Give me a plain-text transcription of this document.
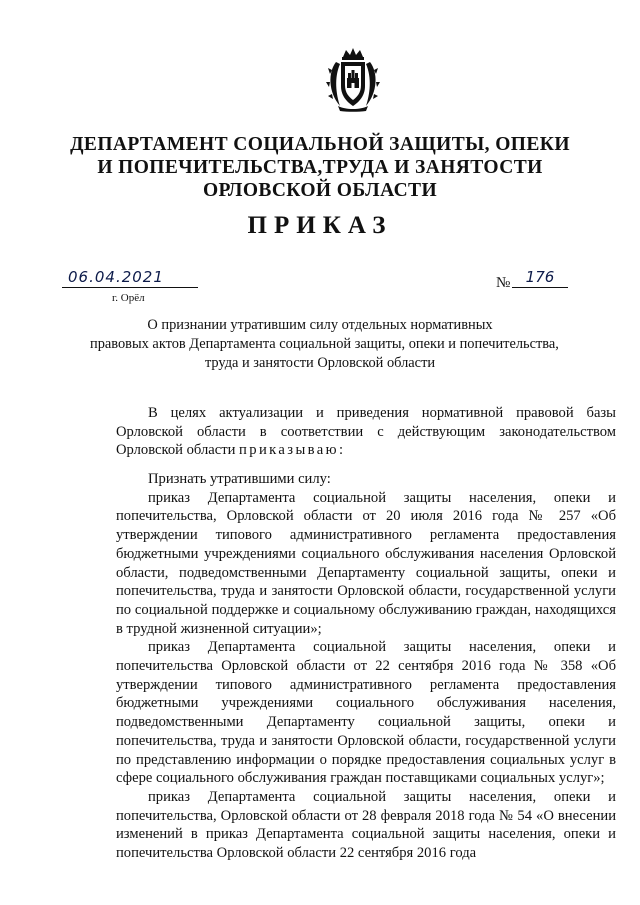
ДЕПАРТАМЕНТ СОЦИАЛЬНОЙ ЗАЩИТЫ, ОПЕКИ
И ПОПЕЧИТЕЛЬСТВА,ТРУДА И ЗАНЯТОСТИ
ОРЛОВСКОЙ ОБЛАСТИ
ПРИКАЗ
06.04.2021
г. Орёл
№	176
О признании утратившим силу отдельных нормативных
правовых актов Департамента социальной защиты, опеки и попечительства,
труда и занятости Орловской области

В целях актуализации и приведения нормативной правовой базы Орловской области в соответствии с действующим законодательством Орловской области приказываю:

Признать утратившими силу:

приказ Департамента социальной защиты населения, опеки и попечительства, Орловской области от 20 июля 2016 года № 257 «Об утверждении типового административного регламента предоставления бюджетными учреждениями социального обслуживания населения Орловской области, подведомственными Департаменту социальной защиты, опеки и попечительства, труда и занятости Орловской области, государственной услуги по социальной поддержке и социальному обслуживанию граждан, находящихся в трудной жизненной ситуации»;

приказ Департамента социальной защиты населения, опеки и попечительства Орловской области от 22 сентября 2016 года № 358 «Об утверждении типового административного регламента предоставления бюджетными учреждениями социального обслуживания населения, подведомственными Департаменту социальной защиты, опеки и попечительства, труда и занятости Орловской области, государственной услуги по представлению информации о порядке предоставления социальных услуг в сфере социального обслуживания граждан поставщиками социальных услуг»;

приказ Департамента социальной защиты населения, опеки и попечительства, Орловской области от 28 февраля 2018 года № 54 «О внесении изменений в приказ Департамента социальной защиты населения, опеки и попечительства Орловской области 22 сентября 2016 года
